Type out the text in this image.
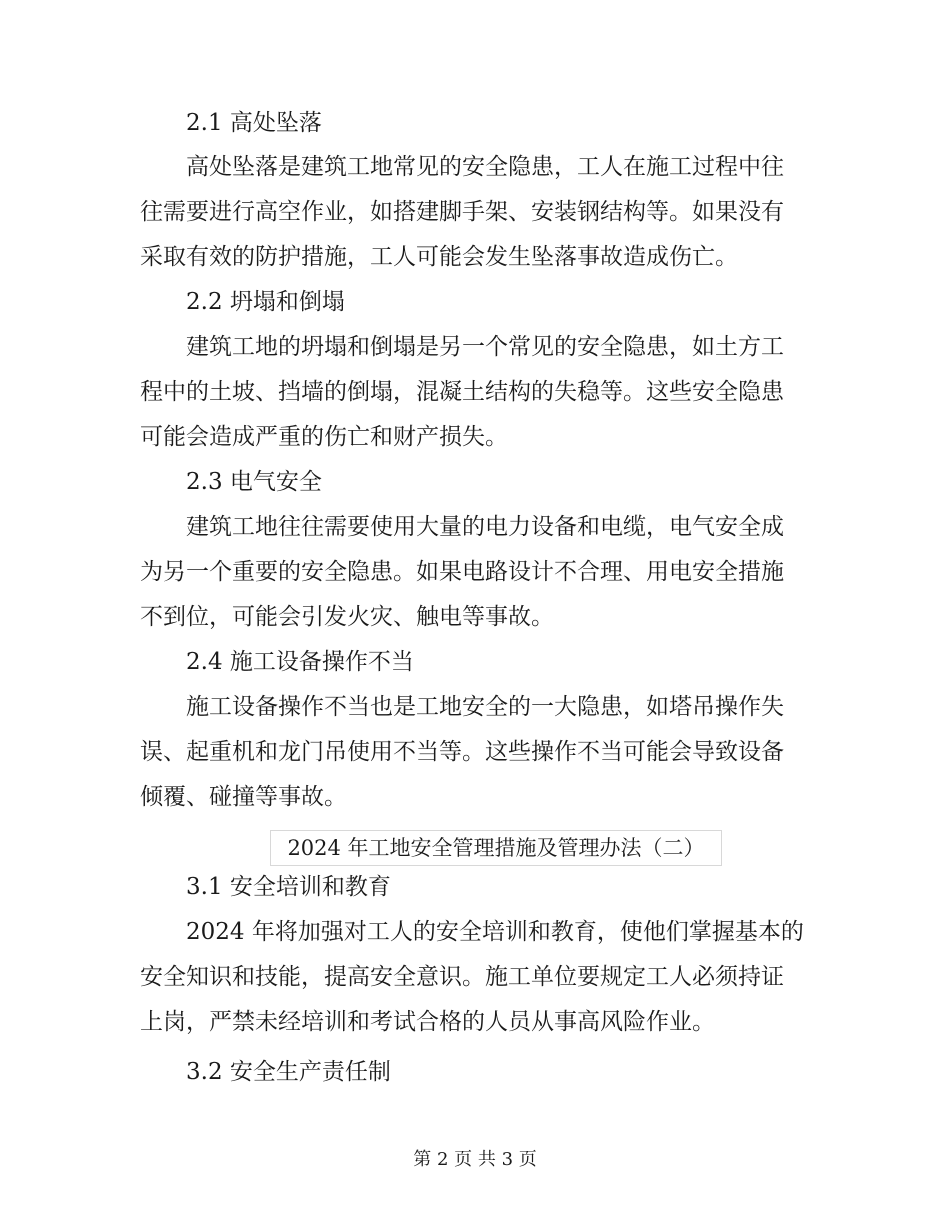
2.1 高处坠落
高处坠落是建筑工地常见的安全隐患，工人在施工过程中往
往需要进行高空作业，如搭建脚手架、安装钢结构等。如果没有
采取有效的防护措施，工人可能会发生坠落事故造成伤亡。
2.2 坍塌和倒塌
建筑工地的坍塌和倒塌是另一个常见的安全隐患，如土方工
程中的土坡、挡墙的倒塌，混凝土结构的失稳等。这些安全隐患
可能会造成严重的伤亡和财产损失。
2.3 电气安全
建筑工地往往需要使用大量的电力设备和电缆，电气安全成
为另一个重要的安全隐患。如果电路设计不合理、用电安全措施
不到位，可能会引发火灾、触电等事故。
2.4 施工设备操作不当
施工设备操作不当也是工地安全的一大隐患，如塔吊操作失
误、起重机和龙门吊使用不当等。这些操作不当可能会导致设备
倾覆、碰撞等事故。
2024 年工地安全管理措施及管理办法（二）
3.1 安全培训和教育
2024 年将加强对工人的安全培训和教育，使他们掌握基本的
安全知识和技能，提高安全意识。施工单位要规定工人必须持证
上岗，严禁未经培训和考试合格的人员从事高风险作业。
3.2 安全生产责任制
第 2 页 共 3 页
